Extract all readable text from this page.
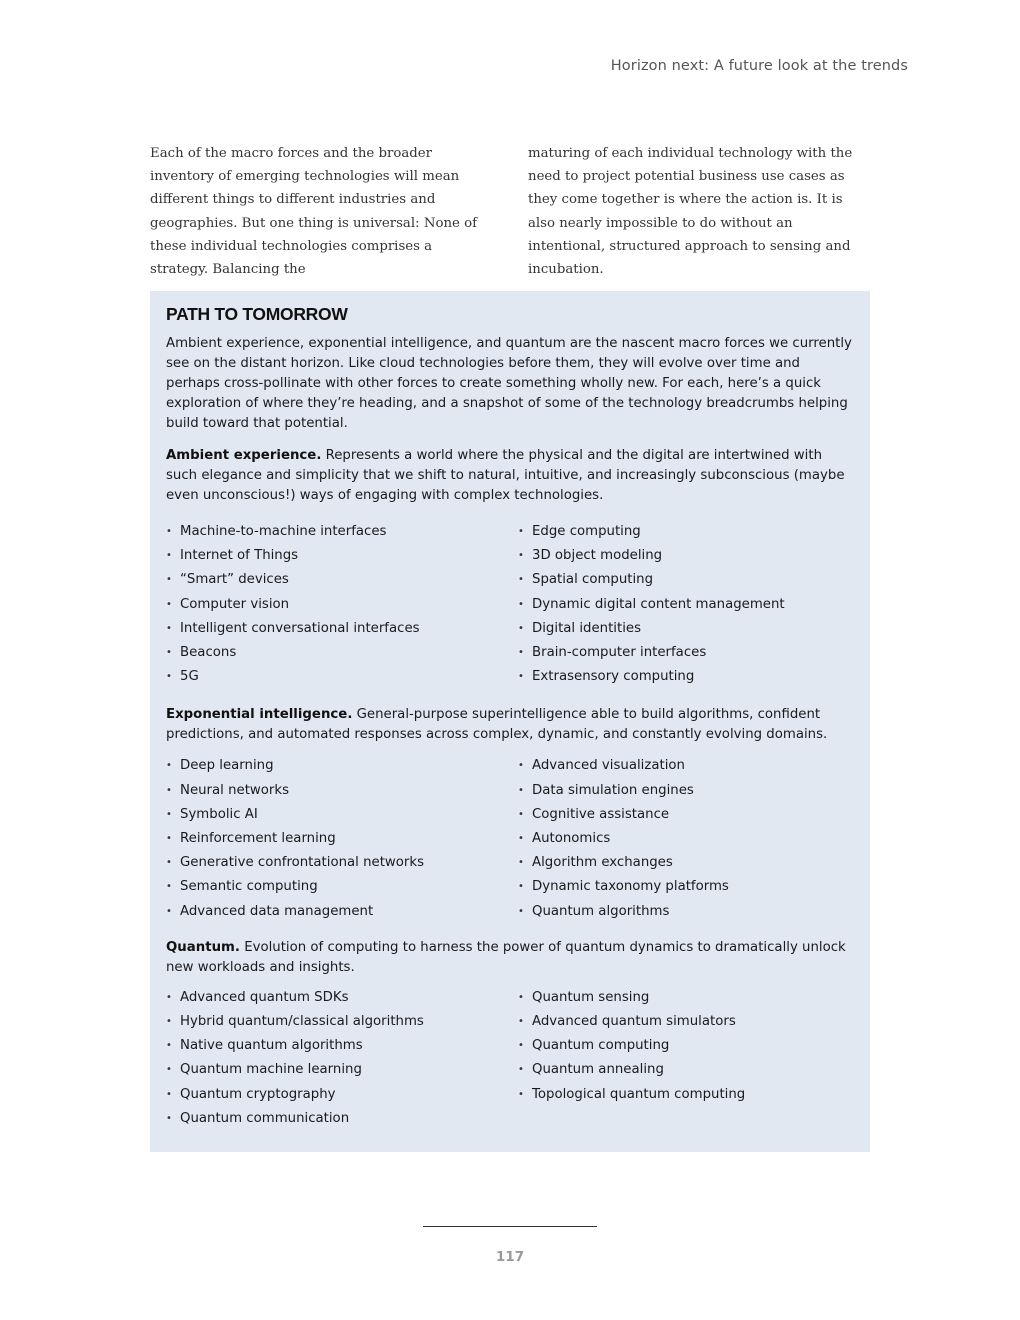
Horizon next: A future look at the trends
Each of the macro forces and the broader inventory of emerging technologies will mean different things to different industries and geographies. But one thing is universal: None of these individual technologies comprises a strategy. Balancing the
maturing of each individual technology with the need to project potential business use cases as they come together is where the action is. It is also nearly impossible to do without an intentional, structured approach to sensing and incubation.
PATH TO TOMORROW

Ambient experience, exponential intelligence, and quantum are the nascent macro forces we currently see on the distant horizon. Like cloud technologies before them, they will evolve over time and perhaps cross-pollinate with other forces to create something wholly new. For each, here’s a quick exploration of where they’re heading, and a snapshot of some of the technology breadcrumbs helping build toward that potential.

Ambient experience. Represents a world where the physical and the digital are intertwined with such elegance and simplicity that we shift to natural, intuitive, and increasingly subconscious (maybe even unconscious!) ways of engaging with complex technologies.

• Machine-to-machine interfaces
• Internet of Things
• “Smart” devices
• Computer vision
• Intelligent conversational interfaces
• Beacons
• 5G
• Edge computing
• 3D object modeling
• Spatial computing
• Dynamic digital content management
• Digital identities
• Brain-computer interfaces
• Extrasensory computing

Exponential intelligence. General-purpose superintelligence able to build algorithms, confident predictions, and automated responses across complex, dynamic, and constantly evolving domains.

• Deep learning
• Neural networks
• Symbolic AI
• Reinforcement learning
• Generative confrontational networks
• Semantic computing
• Advanced data management
• Advanced visualization
• Data simulation engines
• Cognitive assistance
• Autonomics
• Algorithm exchanges
• Dynamic taxonomy platforms
• Quantum algorithms

Quantum. Evolution of computing to harness the power of quantum dynamics to dramatically unlock new workloads and insights.

• Advanced quantum SDKs
• Hybrid quantum/classical algorithms
• Native quantum algorithms
• Quantum machine learning
• Quantum cryptography
• Quantum communication
• Quantum sensing
• Advanced quantum simulators
• Quantum computing
• Quantum annealing
• Topological quantum computing
117
